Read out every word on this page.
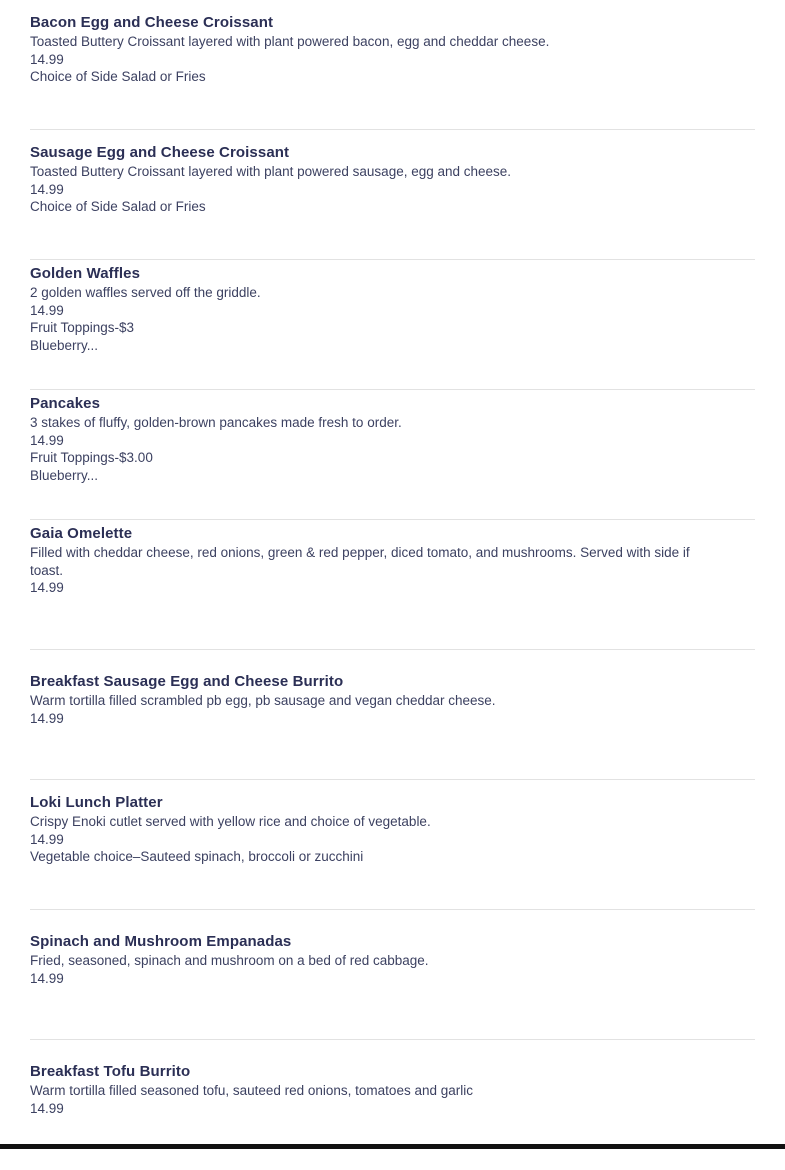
Bacon Egg and Cheese Croissant

Toasted Buttery Croissant layered with plant powered bacon, egg and cheddar cheese.

14.99

Choice of Side Salad or Fries

Sausage Egg and Cheese Croissant

Toasted Buttery Croissant layered with plant powered sausage, egg and cheese.

14.99

Choice of Side Salad or Fries

Golden Waffles

2 golden waffles served off the griddle.

14.99

Fruit Toppings-$3

Blueberry...

Pancakes

3 stakes of fluffy, golden-brown pancakes made fresh to order.

14.99

Fruit Toppings-$3.00

Blueberry...

Gaia Omelette

Filled with cheddar cheese, red onions, green & red pepper, diced tomato, and mushrooms. Served with side if toast.

14.99

Breakfast Sausage Egg and Cheese Burrito

Warm tortilla filled scrambled pb egg, pb sausage and vegan cheddar cheese.

14.99

Loki Lunch Platter

Crispy Enoki cutlet served with yellow rice and choice of vegetable.

14.99

Vegetable choice–Sauteed spinach, broccoli or zucchini

Spinach and Mushroom Empanadas

Fried, seasoned, spinach and mushroom on a bed of red cabbage.

14.99

Breakfast Tofu Burrito

Warm tortilla filled seasoned tofu, sauteed red onions, tomatoes and garlic

14.99
